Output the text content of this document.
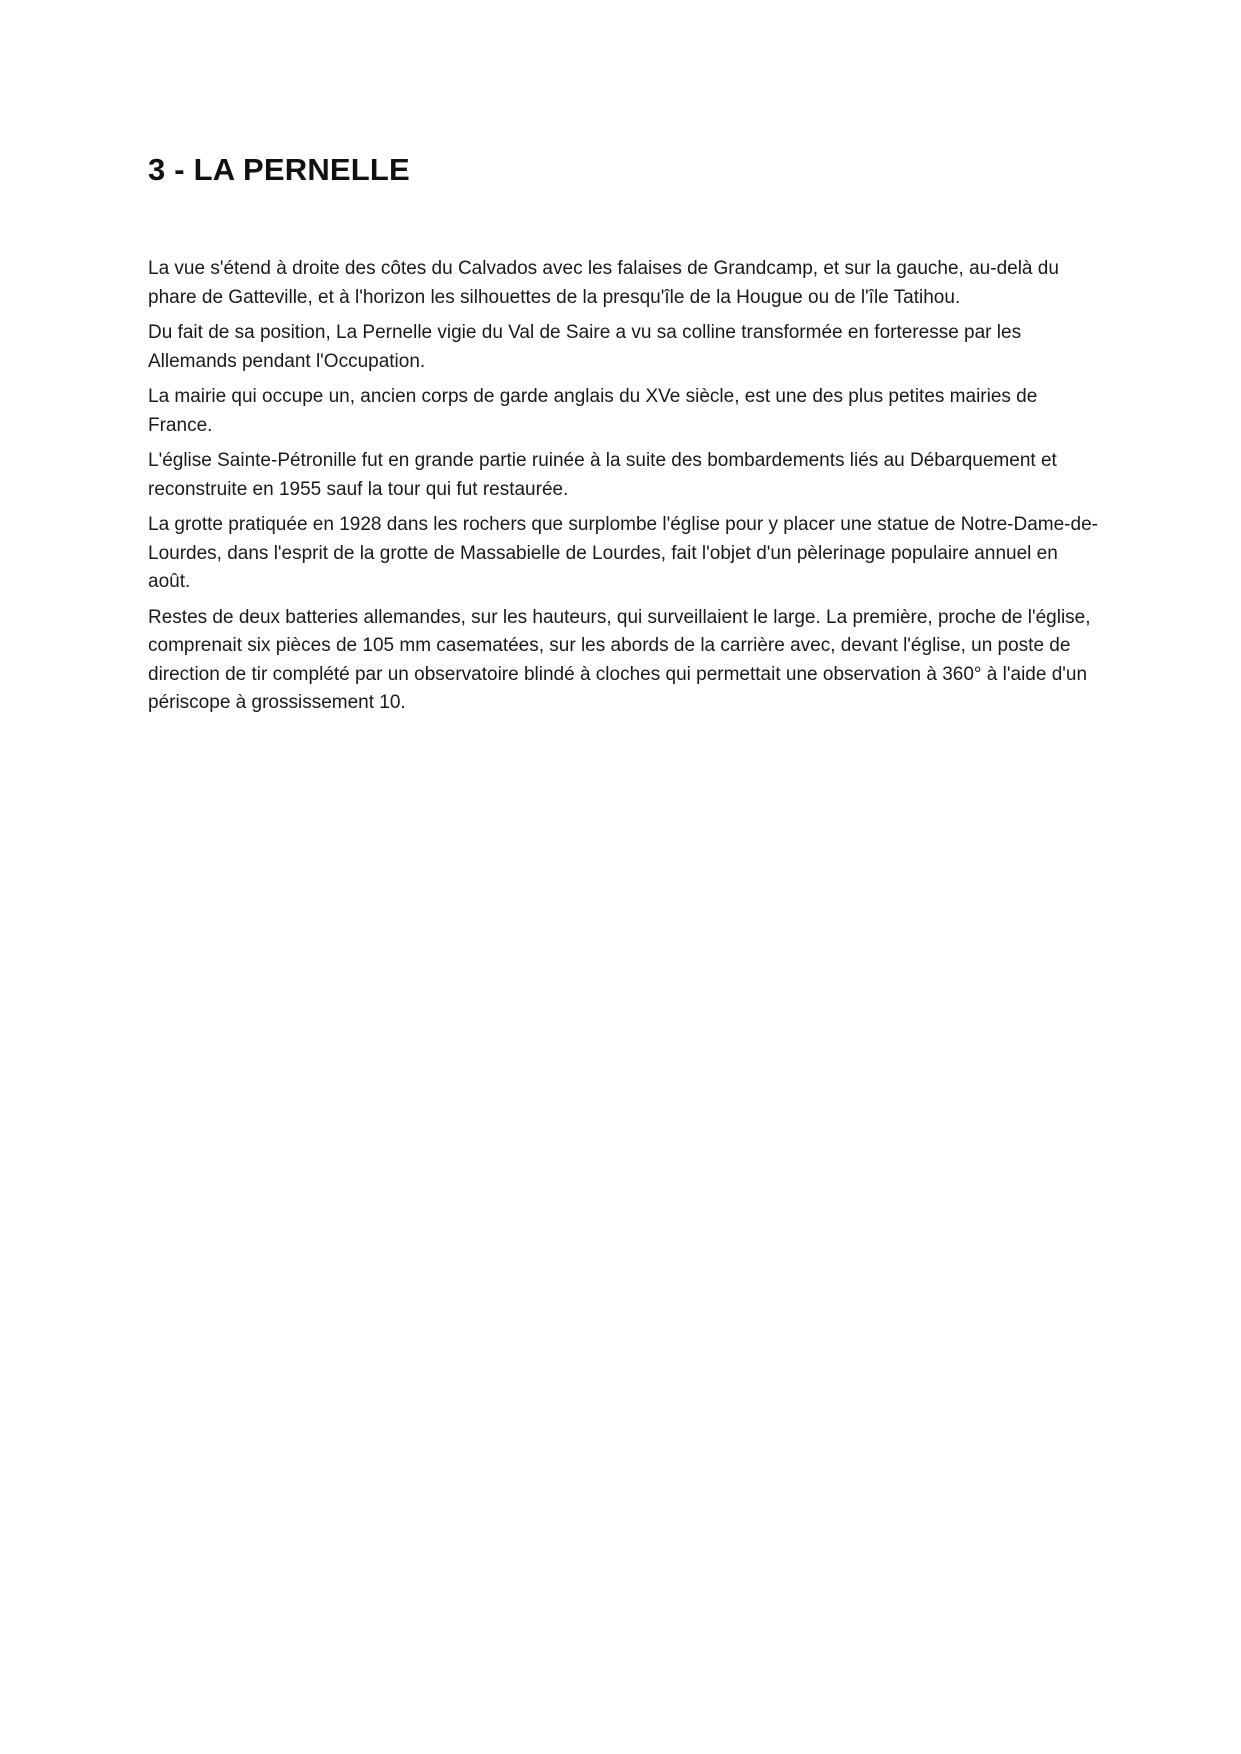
3 - LA PERNELLE

La vue s'étend à droite des côtes du Calvados avec les falaises de Grandcamp, et sur la gauche, au-delà du phare de Gatteville, et à l'horizon les silhouettes de la presqu'île de la Hougue ou de l'île Tatihou.

Du fait de sa position, La Pernelle vigie du Val de Saire a vu sa colline transformée en forteresse par les Allemands pendant l'Occupation.

La mairie qui occupe un, ancien corps de garde anglais du XVe siècle, est une des plus petites mairies de France.

L'église Sainte-Pétronille fut en grande partie ruinée à la suite des bombardements liés au Débarquement et reconstruite en 1955 sauf la tour qui fut restaurée.

La grotte pratiquée en 1928 dans les rochers que surplombe l'église pour y placer une statue de Notre-Dame-de-Lourdes, dans l'esprit de la grotte de Massabielle de Lourdes, fait l'objet d'un pèlerinage populaire annuel en août.

Restes de deux batteries allemandes, sur les hauteurs, qui surveillaient le large. La première, proche de l'église, comprenait six pièces de 105 mm casematées, sur les abords de la carrière avec, devant l'église, un poste de direction de tir complété par un observatoire blindé à cloches qui permettait une observation à 360° à l'aide d'un périscope à grossissement 10.
